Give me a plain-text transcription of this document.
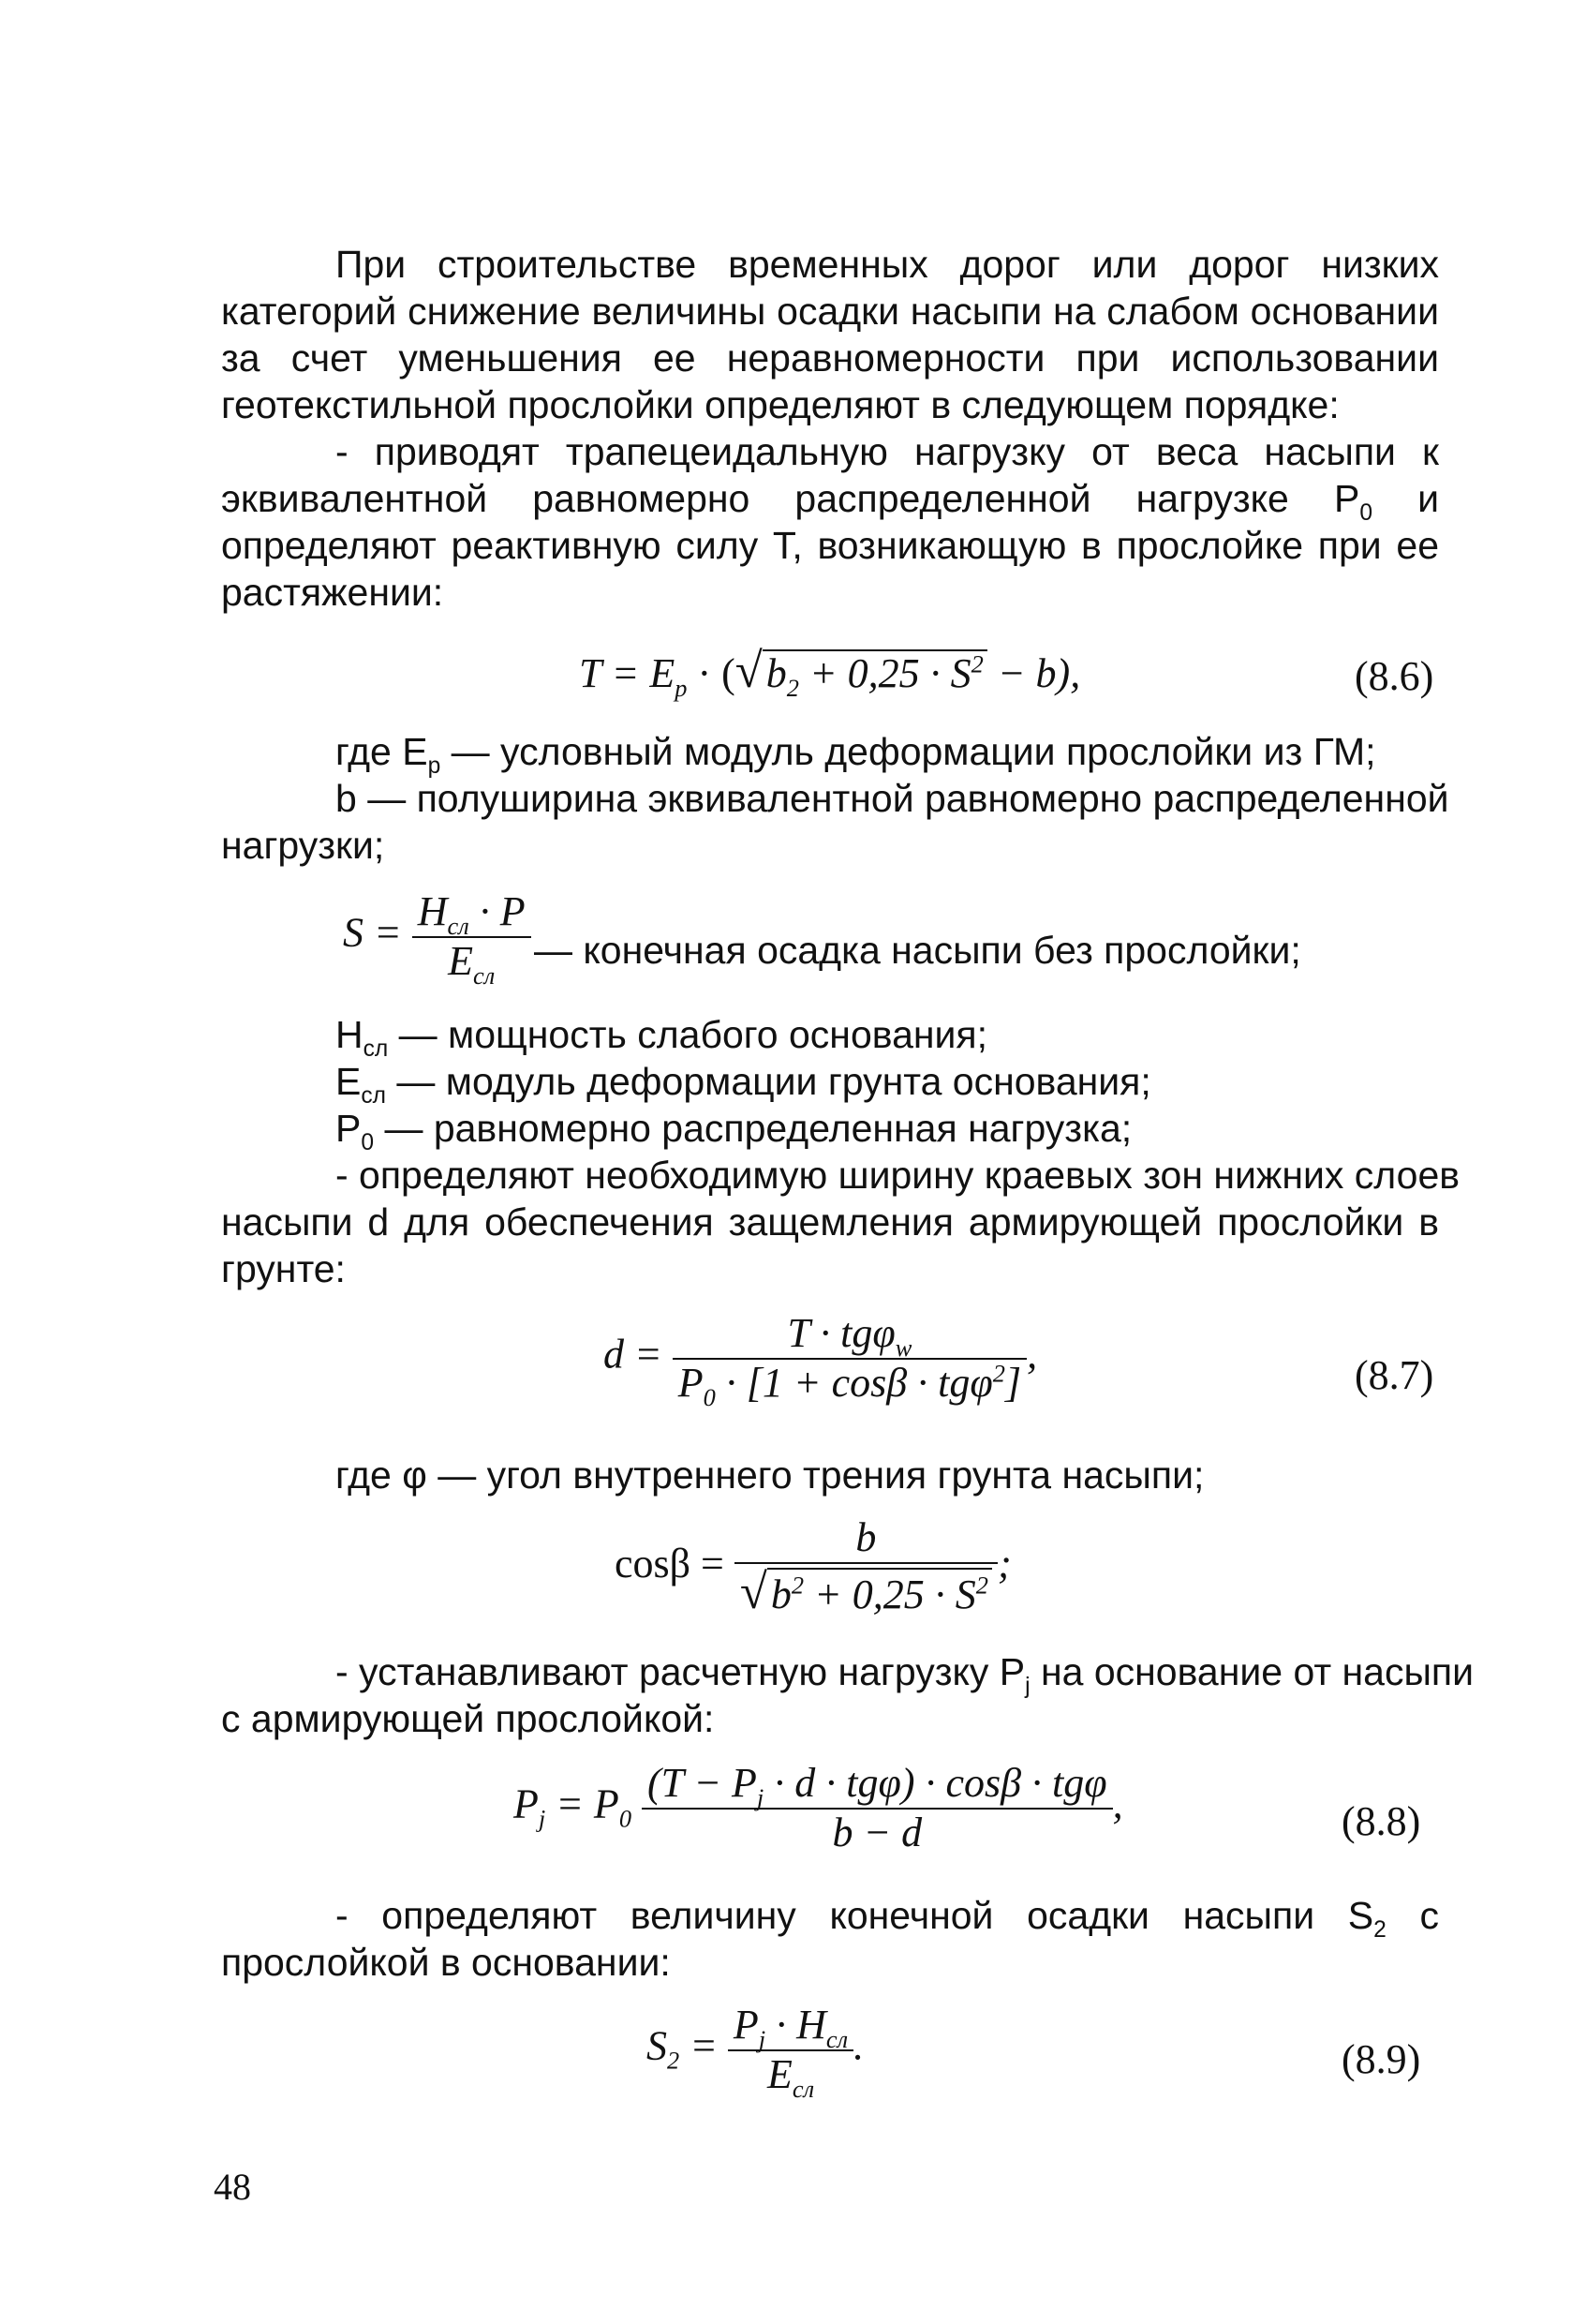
При строительстве временных дорог или дорог низких
категорий снижение величины осадки насыпи на слабом основании
за счет уменьшения ее неравномерности при использовании
геотекстильной прослойки определяют в следующем порядке:
- приводят трапецеидальную нагрузку от веса насыпи к
эквивалентной равномерно распределенной нагрузке $P_0$ и
определяют реактивную силу T, возникающую в прослойке при ее
растяжении:
$T = E_p \cdot (√b_2 + 0,25 \cdot S^2 - b)$,	(8.6)
где $E_p$ — условный модуль деформации прослойки из ГМ;
b — полуширина эквивалентной равномерно распределенной
нагрузки;
$S = \frac{H_{сл} \cdot P}{E_{сл}}$ — конечная осадка насыпи без прослойки;
$H_{сл}$ — мощность слабого основания;
$E_{сл}$ — модуль деформации грунта основания;
$P_0$ — равномерно распределенная нагрузка;
- определяют необходимую ширину краевых зон нижних слоев
насыпи d для обеспечения защемления армирующей прослойки в
грунте:
$d = \frac{T \cdot tg\varphi_w}{P_0 \cdot [1 + \cos\beta \cdot tg\varphi^2]}$ ,	(8.7)
где φ — угол внутреннего трения грунта насыпи;
$\cos\beta = \frac{b}{√b^2 + 0,25 \cdot S^2}$ ;
- устанавливают расчетную нагрузку $P_j$ на основание от насыпи
с армирующей прослойкой:
$P_j = P_0 \frac{(T - P_j \cdot d \cdot tg\varphi) \cdot \cos\beta \cdot tg\varphi}{b - d}$ ,	(8.8)
- определяют величину конечной осадки насыпи $S_2$ с
прослойкой в основании:
$S_2 = \frac{P_j \cdot H_{сл}}{E_{сл}}$ .	(8.9)
48
